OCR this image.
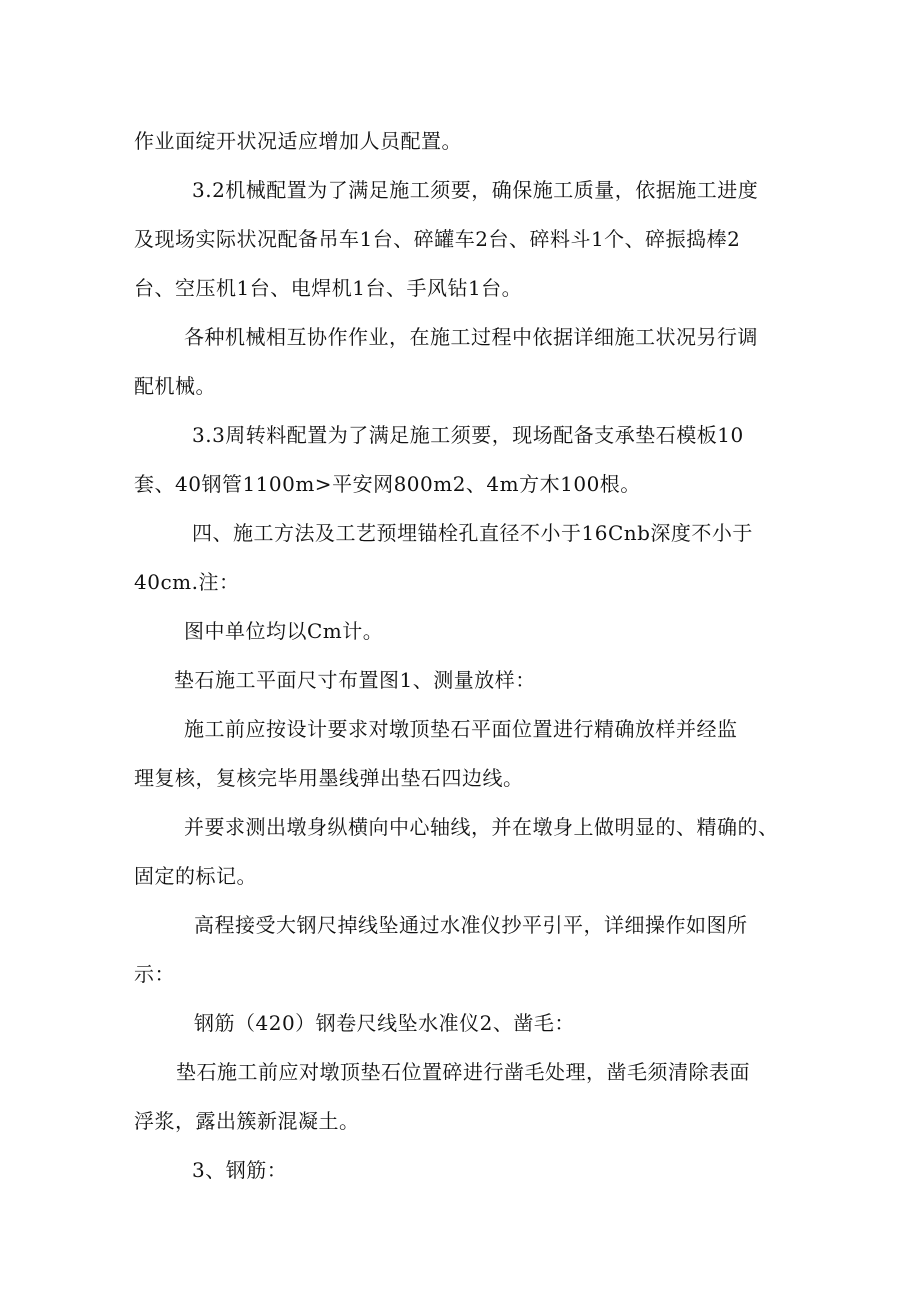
作业面绽开状况适应增加人员配置。
3.2机械配置为了满足施工须要，确保施工质量，依据施工进度
及现场实际状况配备吊车1台、碎罐车2台、碎料斗1个、碎振捣棒2
台、空压机1台、电焊机1台、手风钻1台。
各种机械相互协作作业，在施工过程中依据详细施工状况另行调
配机械。
3.3周转料配置为了满足施工须要，现场配备支承垫石模板10
套、40钢管1100m>平安网800m2、4m方木100根。
四、施工方法及工艺预埋锚栓孔直径不小于16Cnb深度不小于
40cm.注：
图中单位均以Cm计。
垫石施工平面尺寸布置图1、测量放样：
施工前应按设计要求对墩顶垫石平面位置进行精确放样并经监
理复核，复核完毕用墨线弹出垫石四边线。
并要求测出墩身纵横向中心轴线，并在墩身上做明显的、精确的、
固定的标记。
高程接受大钢尺掉线坠通过水准仪抄平引平，详细操作如图所
示：
钢筋（420）钢卷尺线坠水准仪2、凿毛：
垫石施工前应对墩顶垫石位置碎进行凿毛处理，凿毛须清除表面
浮浆，露出簇新混凝土。
3、钢筋：
